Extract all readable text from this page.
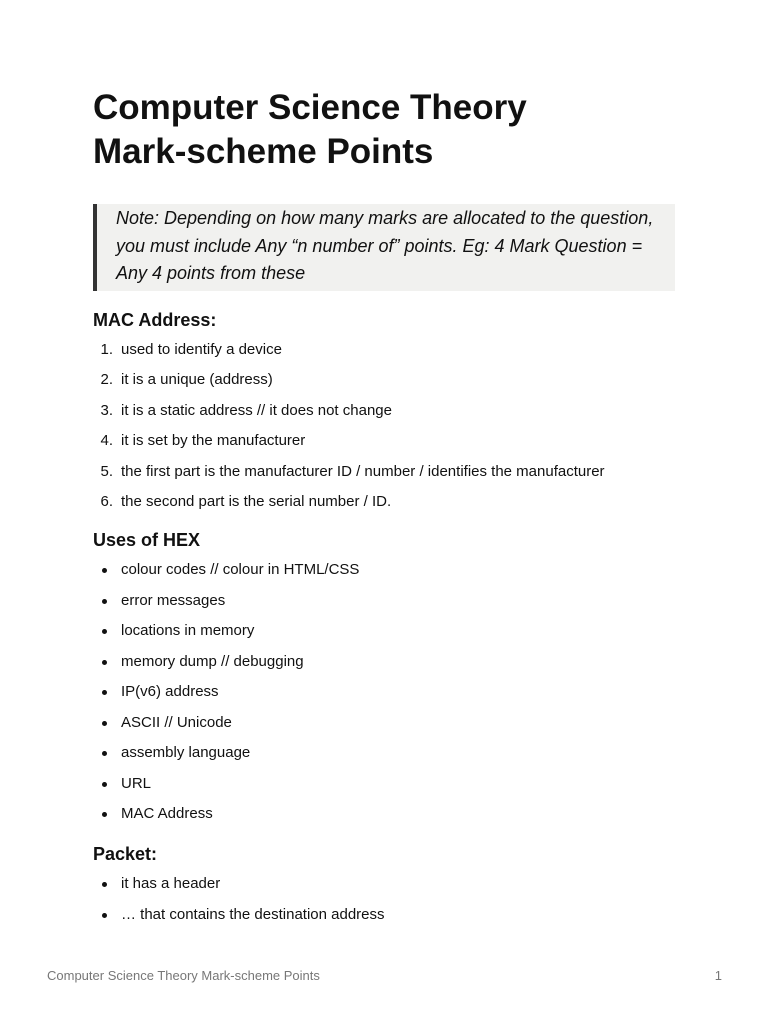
Computer Science Theory
Mark-scheme Points
Note: Depending on how many marks are allocated to the question, you must include Any “n number of” points. Eg: 4 Mark Question = Any 4 points from these
MAC Address:
1. used to identify a device
2. it is a unique (address)
3. it is a static address // it does not change
4. it is set by the manufacturer
5. the first part is the manufacturer ID / number / identifies the manufacturer
6. the second part is the serial number / ID.
Uses of HEX
colour codes // colour in HTML/CSS
error messages
locations in memory
memory dump // debugging
IP(v6) address
ASCII // Unicode
assembly language
URL
MAC Address
Packet:
it has a header
… that contains the destination address
Computer Science Theory Mark-scheme Points	1
